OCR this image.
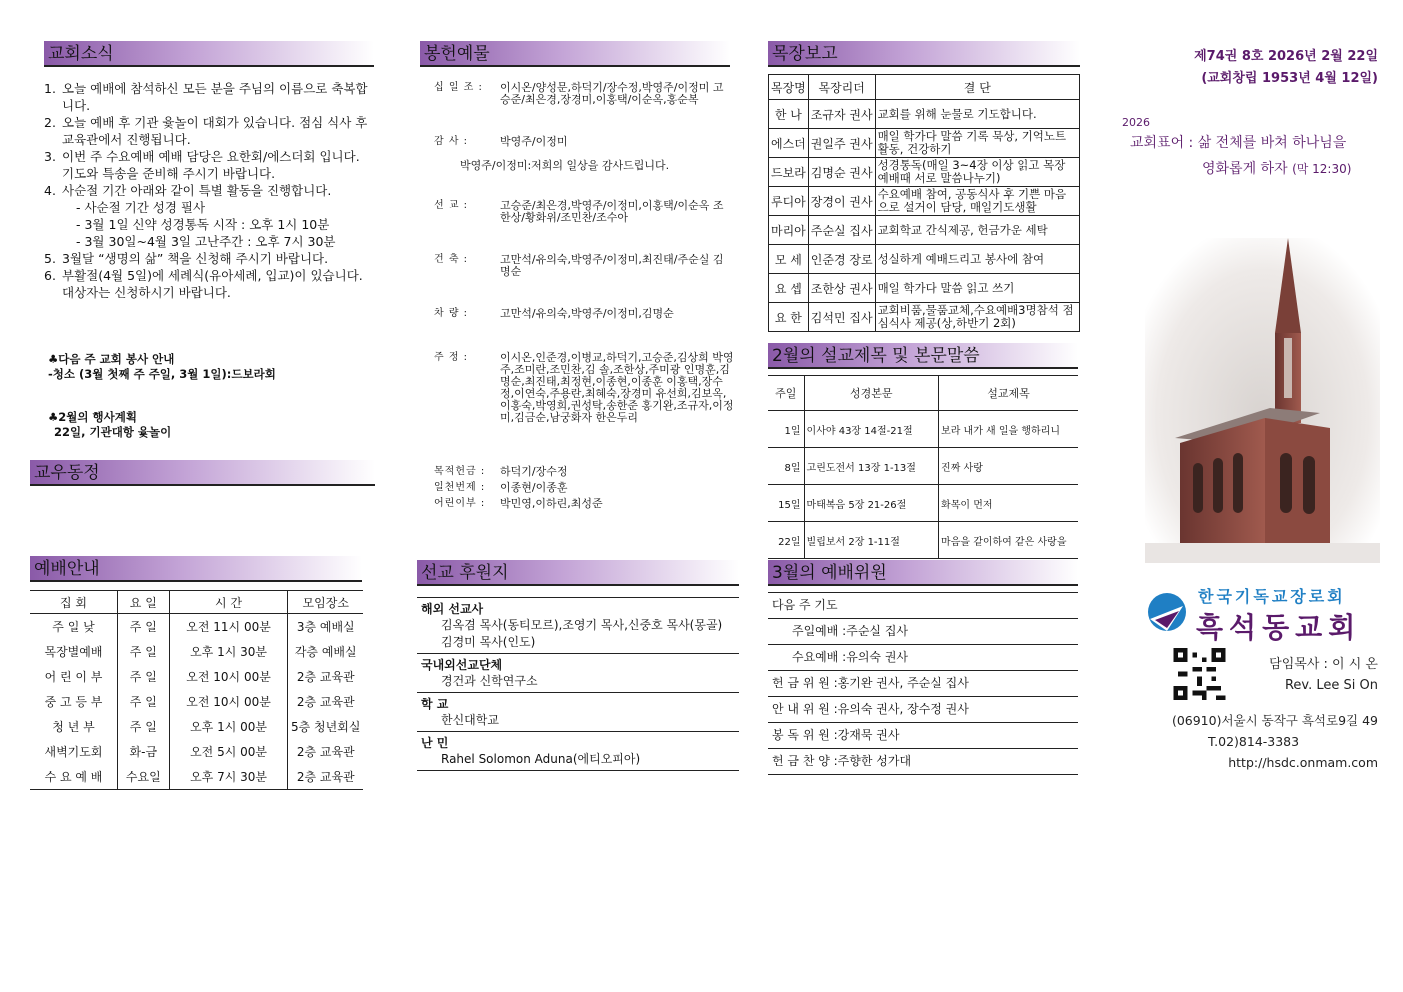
교회소식
1. 오늘 예배에 참석하신 모든 분을 주님의 이름으로 축복합니다.
2. 오늘 예배 후 기관 윷놀이 대회가 있습니다. 점심 식사 후 교육관에서 진행됩니다.
3. 이번 주 수요예배 예배 담당은 요한회/에스더회 입니다. 기도와 특송을 준비해 주시기 바랍니다.
4. 사순절 기간 아래와 같이 특별 활동을 진행합니다.
- 사순절 기간 성경 필사
- 3월 1일 신약 성경통독 시작 : 오후 1시 10분
- 3월 30일~4월 3일 고난주간 : 오후 7시 30분
5. 3월달 “생명의 삶” 책을 신청해 주시기 바랍니다.
6. 부활절(4월 5일)에 세례식(유아세례, 입교)이 있습니다. 대상자는 신청하시기 바랍니다.
♣다음 주 교회 봉사 안내
-청소 (3월 첫째 주 주일, 3월 1일):드보라회
♣2월의 행사계획
22일, 기관대항 윷놀이
교우동정
예배안내
집 회	요 일	시 간	모임장소
주 일 낮	주 일	오전 11시 00분	3층 예배실
목장별예배	주 일	오후 1시 30분	각층 예배실
어 린 이 부	주 일	오전 10시 00분	2층 교육관
중 고 등 부	주 일	오전 10시 00분	2층 교육관
청 년 부	주 일	오후 1시 00분	5층 청년회실
새벽기도회	화-금	오전 5시 00분	2층 교육관
수 요 예 배	수요일	오후 7시 30분	2층 교육관
봉헌예물
십 일 조 :	이시온/양성문,하덕기/장수정,박영주/이정미 고승준/최은경,장경미,이홍택/이순옥,홍순복
감 사 :	박영주/이정미
박영주/이정미:저희의 일상을 감사드립니다.
선 교 :	고승준/최은경,박영주/이정미,이홍택/이순옥 조한상/황화위/조민찬/조수아
건 축 :	고만석/유의숙,박영주/이정미,최진태/주순실 김명순
차 량 :	고만석/유의숙,박영주/이정미,김명순
주 정 :	이시온,인준경,이병교,하덕기,고승준,김상희 박영주,조미란,조민찬,김 솔,조한상,주미광 인명훈,김명순,최진태,최정현,이종현,이종훈 이홍택,장수정,이연숙,주용란,최혜숙,장경미 유선희,김보옥,이홍숙,박영희,권성탁,송한준 홍기완,조규자,이정미,김금순,남궁화자 한은두리
목적헌금 :	하덕기/장수정
일천번제 :	이종현/이종훈
어린이부 :	박민영,이하린,최성준
선교 후원지
해외 선교사
김옥겸 목사(동티모르),조영기 목사,신중호 목사(몽골)
김경미 목사(인도)
국내외선교단체
경건과 신학연구소
학 교
한신대학교
난 민
Rahel Solomon Aduna(에티오피아)
목장보고
목장명	목장리더	결 단
한 나	조규자 권사	교회를 위해 눈물로 기도합니다.
에스더	권일주 권사	매일 학가다 말씀 기록 묵상, 기억노트 활동, 건강하기
드보라	김명순 권사	성경통독(매일 3~4장 이상 읽고 목장 예배때 서로 말씀나누기)
루디아	장경이 권사	수요예배 참여, 공동식사 후 기쁜 마음으로 설거이 담당, 매일기도생활
마리아	주순실 집사	교회학교 간식제공, 헌금가운 세탁
모 세	인준경 장로	성실하게 예배드리고 봉사에 참여
요 셉	조한상 권사	매일 학가다 말씀 읽고 쓰기
요 한	김석민 집사	교회비품,물품교체,수요예배3명참석 점심식사 제공(상,하반기 2회)
2월의 설교제목 및 본문말씀
주일	성경본문	설교제목
1일	이사야 43장 14절-21절	보라 내가 새 일을 행하리니
8일	고린도전서 13장 1-13절	진짜 사랑
15일	마태복음 5장 21-26절	화목이 먼저
22일	빌립보서 2장 1-11절	마음을 같이하여 같은 사랑을
3월의 예배위원
다음 주 기도
주일예배 :주순실 집사
수요예배 :유의숙 권사
헌 금 위 원 :홍기완 권사, 주순실 집사
안 내 위 원 :유의숙 권사, 장수정 권사
봉 독 위 원 :강재묵 권사
헌 금 찬 양 :주향한 성가대
제74권 8호 2026년 2월 22일
(교회창립 1953년 4월 12일)
2026
교회표어 : 삶 전체를 바쳐 하나님을
영화롭게 하자 (막 12:30)
한국기독교장로회
흑석동교회
담임목사 : 이 시 온
Rev. Lee Si On
(06910)서울시 동작구 흑석로9길 49
T.02)814-3383
http://hsdc.onmam.com
